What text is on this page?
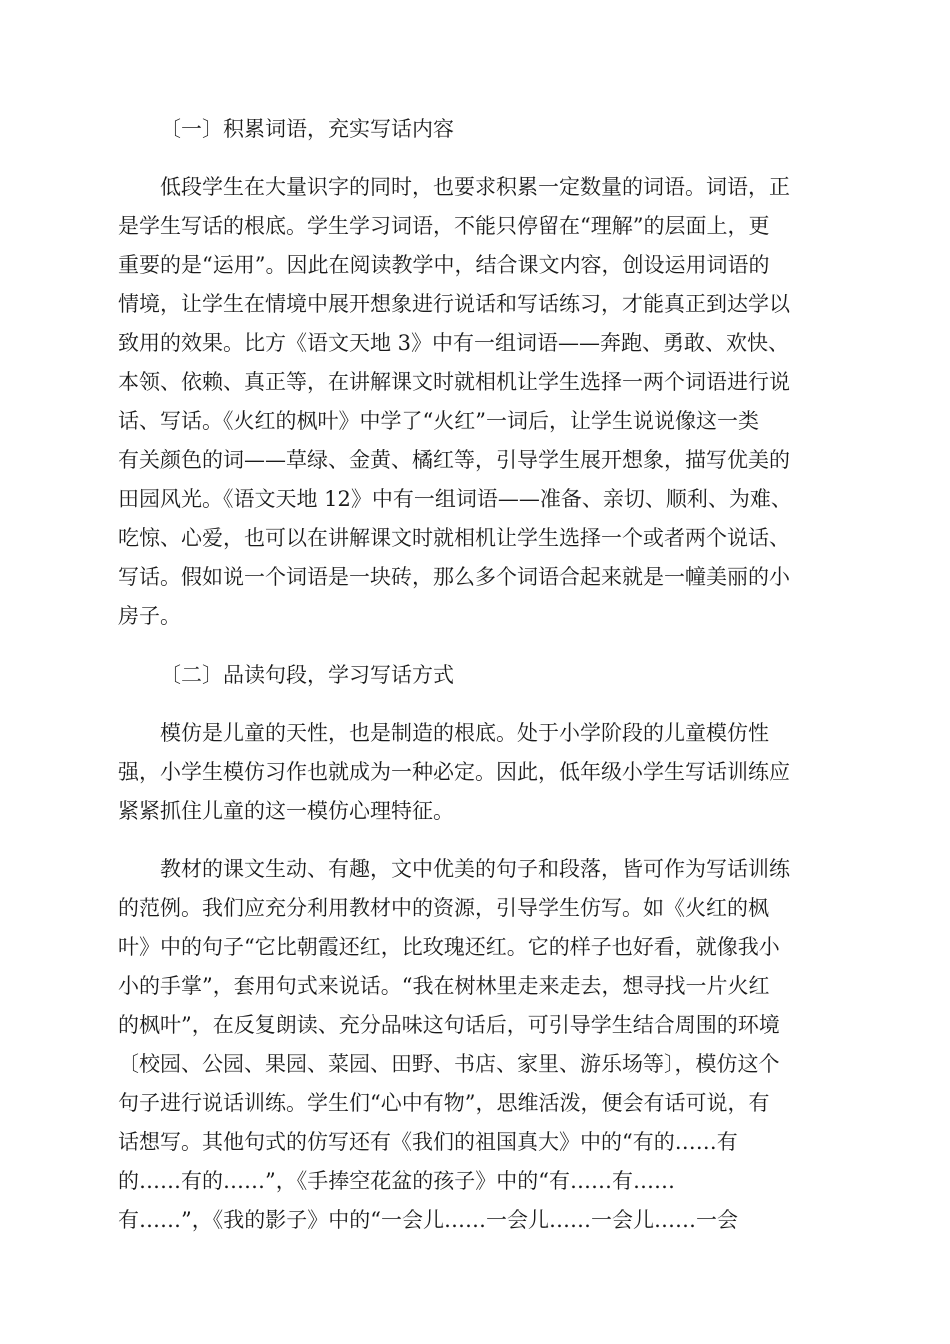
〔一〕积累词语，充实写话内容
　　低段学生在大量识字的同时，也要求积累一定数量的词语。词语，正
是学生写话的根底。学生学习词语，不能只停留在“理解”的层面上，更
重要的是“运用”。因此在阅读教学中，结合课文内容，创设运用词语的
情境，让学生在情境中展开想象进行说话和写话练习，才能真正到达学以
致用的效果。比方《语文天地 3》中有一组词语——奔跑、勇敢、欢快、
本领、依赖、真正等，在讲解课文时就相机让学生选择一两个词语进行说
话、写话。《火红的枫叶》中学了“火红”一词后，让学生说说像这一类
有关颜色的词——草绿、金黄、橘红等，引导学生展开想象，描写优美的
田园风光。《语文天地 12》中有一组词语——准备、亲切、顺利、为难、
吃惊、心爱，也可以在讲解课文时就相机让学生选择一个或者两个说话、
写话。假如说一个词语是一块砖，那么多个词语合起来就是一幢美丽的小
房子。
〔二〕品读句段，学习写话方式
　　模仿是儿童的天性，也是制造的根底。处于小学阶段的儿童模仿性
强，小学生模仿习作也就成为一种必定。因此，低年级小学生写话训练应
紧紧抓住儿童的这一模仿心理特征。
　　教材的课文生动、有趣，文中优美的句子和段落，皆可作为写话训练
的范例。我们应充分利用教材中的资源，引导学生仿写。如《火红的枫
叶》中的句子“它比朝霞还红，比玫瑰还红。它的样子也好看，就像我小
小的手掌”，套用句式来说话。“我在树林里走来走去，想寻找一片火红
的枫叶”，在反复朗读、充分品味这句话后，可引导学生结合周围的环境
〔校园、公园、果园、菜园、田野、书店、家里、游乐场等〕，模仿这个
句子进行说话训练。学生们“心中有物”，思维活泼，便会有话可说，有
话想写。其他句式的仿写还有《我们的祖国真大》中的“有的……有
的……有的……”，《手捧空花盆的孩子》中的“有……有……
有……”，《我的影子》中的“一会儿……一会儿……一会儿……一会
